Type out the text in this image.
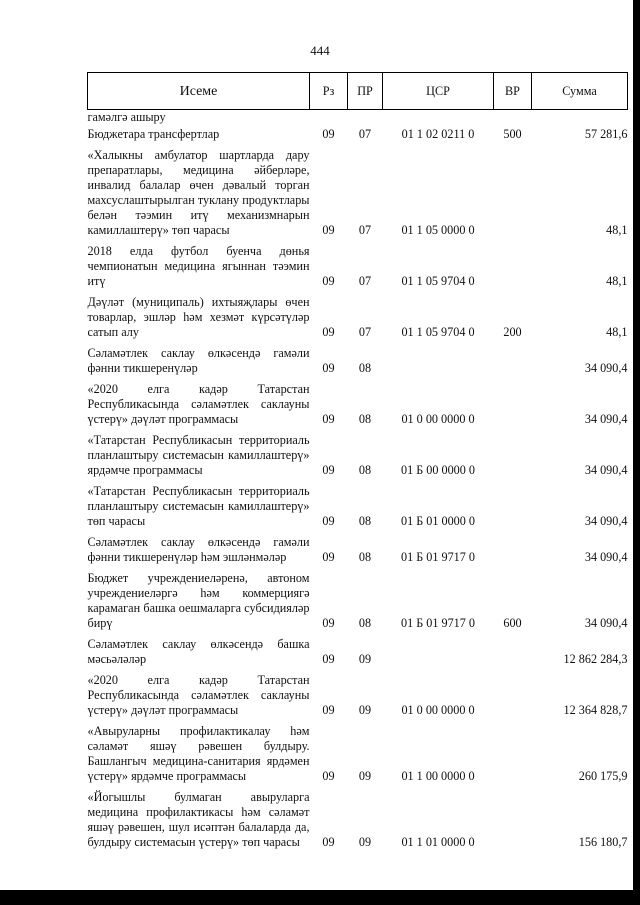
444
Исеме	Рз	ПР	ЦСР	ВР	Сумма
гамәлгә ашыру					
Бюджетара трансфертлар	09	07	01 1 02 0211 0	500	57 281,6
«Халыкны амбулатор шартларда дару препаратлары, медицина әйберләре, инвалид балалар өчен дәвалый торган махсуслаштырылган туклану продуктлары белән тәэмин итү механизмнарын камиллаштерү» төп чарасы	09	07	01 1 05 0000 0		48,1
2018 елда футбол буенча дөнья чемпионатын медицина ягыннан тәэмин итү	09	07	01 1 05 9704 0		48,1
Дәүләт (муниципаль) ихтыяҗлары өчен товарлар, эшләр һәм хезмәт күрсәтүләр сатып алу	09	07	01 1 05 9704 0	200	48,1
Сәламәтлек саклау өлкәсендә гамәли фәнни тикшеренүләр	09	08			34 090,4
«2020 елга кадәр Татарстан Республикасында сәламәтлек саклауны үстерү» дәүләт программасы	09	08	01 0 00 0000 0		34 090,4
«Татарстан Республикасын территориаль планлаштыру системасын камиллаштерү» ярдәмче программасы	09	08	01 Б 00 0000 0		34 090,4
«Татарстан Республикасын территориаль планлаштыру системасын камиллаштерү» төп чарасы	09	08	01 Б 01 0000 0		34 090,4
Сәламәтлек саклау өлкәсендә гамәли фәнни тикшеренүләр һәм эшләнмәләр	09	08	01 Б 01 9717 0		34 090,4
Бюджет учреждениеләренә, автоном учреждениеләргә һәм коммерциягә карамаган башка оешмаларга субсидияләр бирү	09	08	01 Б 01 9717 0	600	34 090,4
Сәламәтлек саклау өлкәсендә башка мәсьәләләр	09	09			12 862 284,3
«2020 елга кадәр Татарстан Республикасында сәламәтлек саклауны үстерү» дәүләт программасы	09	09	01 0 00 0000 0		12 364 828,7
«Авыруларны профилактикалау һәм сәламәт яшәү рәвешен булдыру. Башлангыч медицина-санитария ярдәмен үстерү» ярдәмче программасы	09	09	01 1 00 0000 0		260 175,9
«Йогышлы булмаган авыруларга медицина профилактикасы һәм сәламәт яшәү рәвешен, шул исәптән балаларда да, булдыру системасын үстерү» төп чарасы	09	09	01 1 01 0000 0		156 180,7
